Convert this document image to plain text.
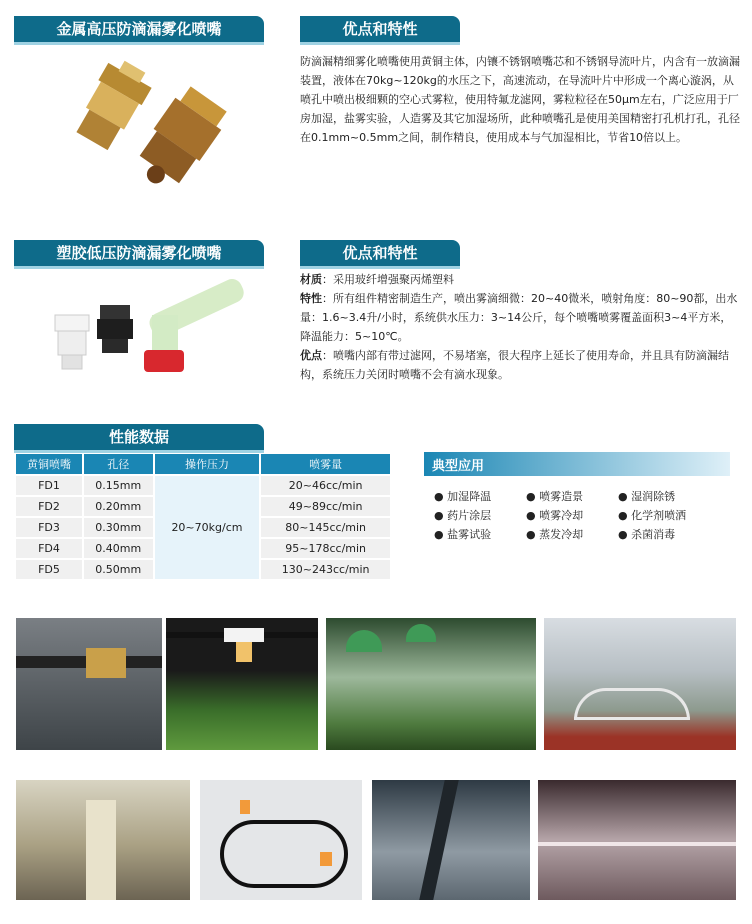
金属高压防滴漏雾化喷嘴	优点和特性
防滴漏精细雾化喷嘴使用黄铜主体，内镶不锈钢喷嘴芯和不锈钢导流叶片，内含有一放滴漏装置，液体在70kg~120kg的水压之下，高速流动，在导流叶片中形成一个离心漩涡，从喷孔中喷出极细颗的空心式雾粒，使用特氟龙滤网，雾粒粒径在50μm左右，广泛应用于厂房加湿，盐雾实验，人造雾及其它加湿场所，此种喷嘴孔是使用美国精密打孔机打孔，孔径在0.1mm~0.5mm之间，制作精良，使用成本与气加湿相比，节省10倍以上。
塑胶低压防滴漏雾化喷嘴	优点和特性
材质：采用玻纤增强聚丙烯塑料
特性：所有组件精密制造生产，喷出雾滴细微：20~40微米，喷射角度：80~90都，出水量：1.6~3.4升/小时，系统供水压力：3~14公斤，每个喷嘴喷雾覆盖面积3~4平方米，降温能力：5~10℃。
优点：喷嘴内部有带过滤网，不易堵塞，很大程序上延长了使用寿命，并且具有防滴漏结构，系统压力关闭时喷嘴不会有滴水现象。
性能数据
黄铜喷嘴	孔径	操作压力	喷雾量
FD1	0.15mm	20~70kg/cm	20~46cc/min
FD2	0.20mm		49~89cc/min
FD3	0.30mm		80~145cc/min
FD4	0.40mm		95~178cc/min
FD5	0.50mm		130~243cc/min
典型应用
● 加湿降温	● 喷雾造景	● 湿润除锈
● 药片涂层	● 喷雾冷却	● 化学剂喷洒
● 盐雾试验	● 蒸发冷却	● 杀菌消毒
